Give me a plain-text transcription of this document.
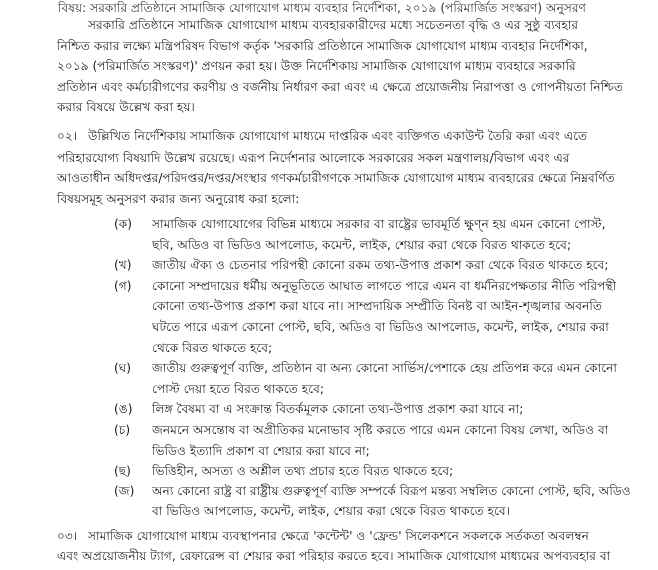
বিষয়: সরকারি প্রতিষ্ঠানে সামাজিক যোগাযোগ মাধ্যম ব্যবহার নির্দেশিকা, ২০১৯ (পরিমার্জিত সংস্করণ) অনুসরণ
সরকারি প্রতিষ্ঠানে সামাজিক যোগাযোগ মাধ্যম ব্যবহারকারীদের মধ্যে সচেতনতা বৃদ্ধি ও এর সুষ্ঠু ব্যবহার
নিশ্চিত করার লক্ষ্যে মন্ত্রিপরিষদ বিভাগ কর্তৃক 'সরকারি প্রতিষ্ঠানে সামাজিক যোগাযোগ মাধ্যম ব্যবহার নির্দেশিকা,
২০১৯ (পরিমার্জিত সংস্করণ)' প্রণয়ন করা হয়। উক্ত নির্দেশিকায় সামাজিক যোগাযোগ মাধ্যম ব্যবহারে সরকারি
প্রতিষ্ঠান এবং কর্মচারীগণের করণীয় ও বর্জনীয় নির্ধারণ করা এবং এ ক্ষেত্রে প্রয়োজনীয় নিরাপত্তা ও গোপনীয়তা নিশ্চিত
করার বিষয়ে উল্লেখ করা হয়।
০২। উল্লিখিত নির্দেশিকায় সামাজিক যোগাযোগ মাধ্যমে দাপ্তরিক এবং ব্যক্তিগত একাউন্ট তৈরি করা এবং এতে
পরিহারযোগ্য বিষয়াদি উল্লেখ রয়েছে। এরূপ নির্দেশনার আলোকে সরকারের সকল মন্ত্রণালয়/বিভাগ এবং এর
আওতাধীন অধিদপ্তর/পরিদপ্তর/দপ্তর/সংস্থার গণকর্মচারীগণকে সামাজিক যোগাযোগ মাধ্যম ব্যবহারের ক্ষেত্রে নিম্নবর্ণিত
বিষয়সমূহ অনুসরণ করার জন্য অনুরোধ করা হলো:
(ক) সামাজিক যোগাযোগের বিভিন্ন মাধ্যমে সরকার বা রাষ্ট্রের ভাবমূর্তি ক্ষুণ্ন হয় এমন কোনো পোস্ট,
ছবি, অডিও বা ভিডিও আপলোড, কমেন্ট, লাইক, শেয়ার করা থেকে বিরত থাকতে হবে;
(খ) জাতীয় ঐক্য ও চেতনার পরিপন্থী কোনো রকম তথ্য-উপাত্ত প্রকাশ করা থেকে বিরত থাকতে হবে;
(গ) কোনো সম্প্রদায়ের ধর্মীয় অনুভূতিতে আঘাত লাগতে পারে এমন বা ধর্মনিরপেক্ষতার নীতি পরিপন্থী
কোনো তথ্য-উপাত্ত প্রকাশ করা যাবে না। সাম্প্রদায়িক সম্প্রীতি বিনষ্ট বা আইন-শৃঙ্খলার অবনতি
ঘটতে পারে এরূপ কোনো পোস্ট, ছবি, অডিও বা ভিডিও আপলোড, কমেন্ট, লাইক, শেয়ার করা
থেকে বিরত থাকতে হবে;
(ঘ) জাতীয় গুরুত্বপূর্ণ ব্যক্তি, প্রতিষ্ঠান বা অন্য কোনো সার্ভিস/পেশাকে হেয় প্রতিপন্ন করে এমন কোনো
পোস্ট দেয়া হতে বিরত থাকতে হবে;
(ঙ) লিঙ্গ বৈষম্য বা এ সংক্রান্ত বিতর্কমূলক কোনো তথ্য-উপাত্ত প্রকাশ করা যাবে না;
(চ) জনমনে অসন্তোষ বা অপ্রীতিকর মনোভাব সৃষ্টি করতে পারে এমন কোনো বিষয় লেখা, অডিও বা
ভিডিও ইত্যাদি প্রকাশ বা শেয়ার করা যাবে না;
(ছ) ভিত্তিহীন, অসত্য ও অশ্লীল তথ্য প্রচার হতে বিরত থাকতে হবে;
(জ) অন্য কোনো রাষ্ট্র বা রাষ্ট্রীয় গুরুত্বপূর্ণ ব্যক্তি সম্পর্কে বিরূপ মন্তব্য সম্বলিত কোনো পোস্ট, ছবি, অডিও
বা ভিডিও আপলোড, কমেন্ট, লাইক, শেয়ার করা থেকে বিরত থাকতে হবে।
০৩। সামাজিক যোগাযোগ মাধ্যম ব্যবস্থাপনার ক্ষেত্রে 'কন্টেন্ট' ও 'ফ্রেন্ড' সিলেকশনে সকলকে সর্তকতা অবলম্বন
এবং অপ্রয়োজনীয় ট্যাগ, রেফারেন্স বা শেয়ার করা পরিহার করতে হবে। সামাজিক যোগাযোগ মাধ্যমের অপব্যবহার বা
